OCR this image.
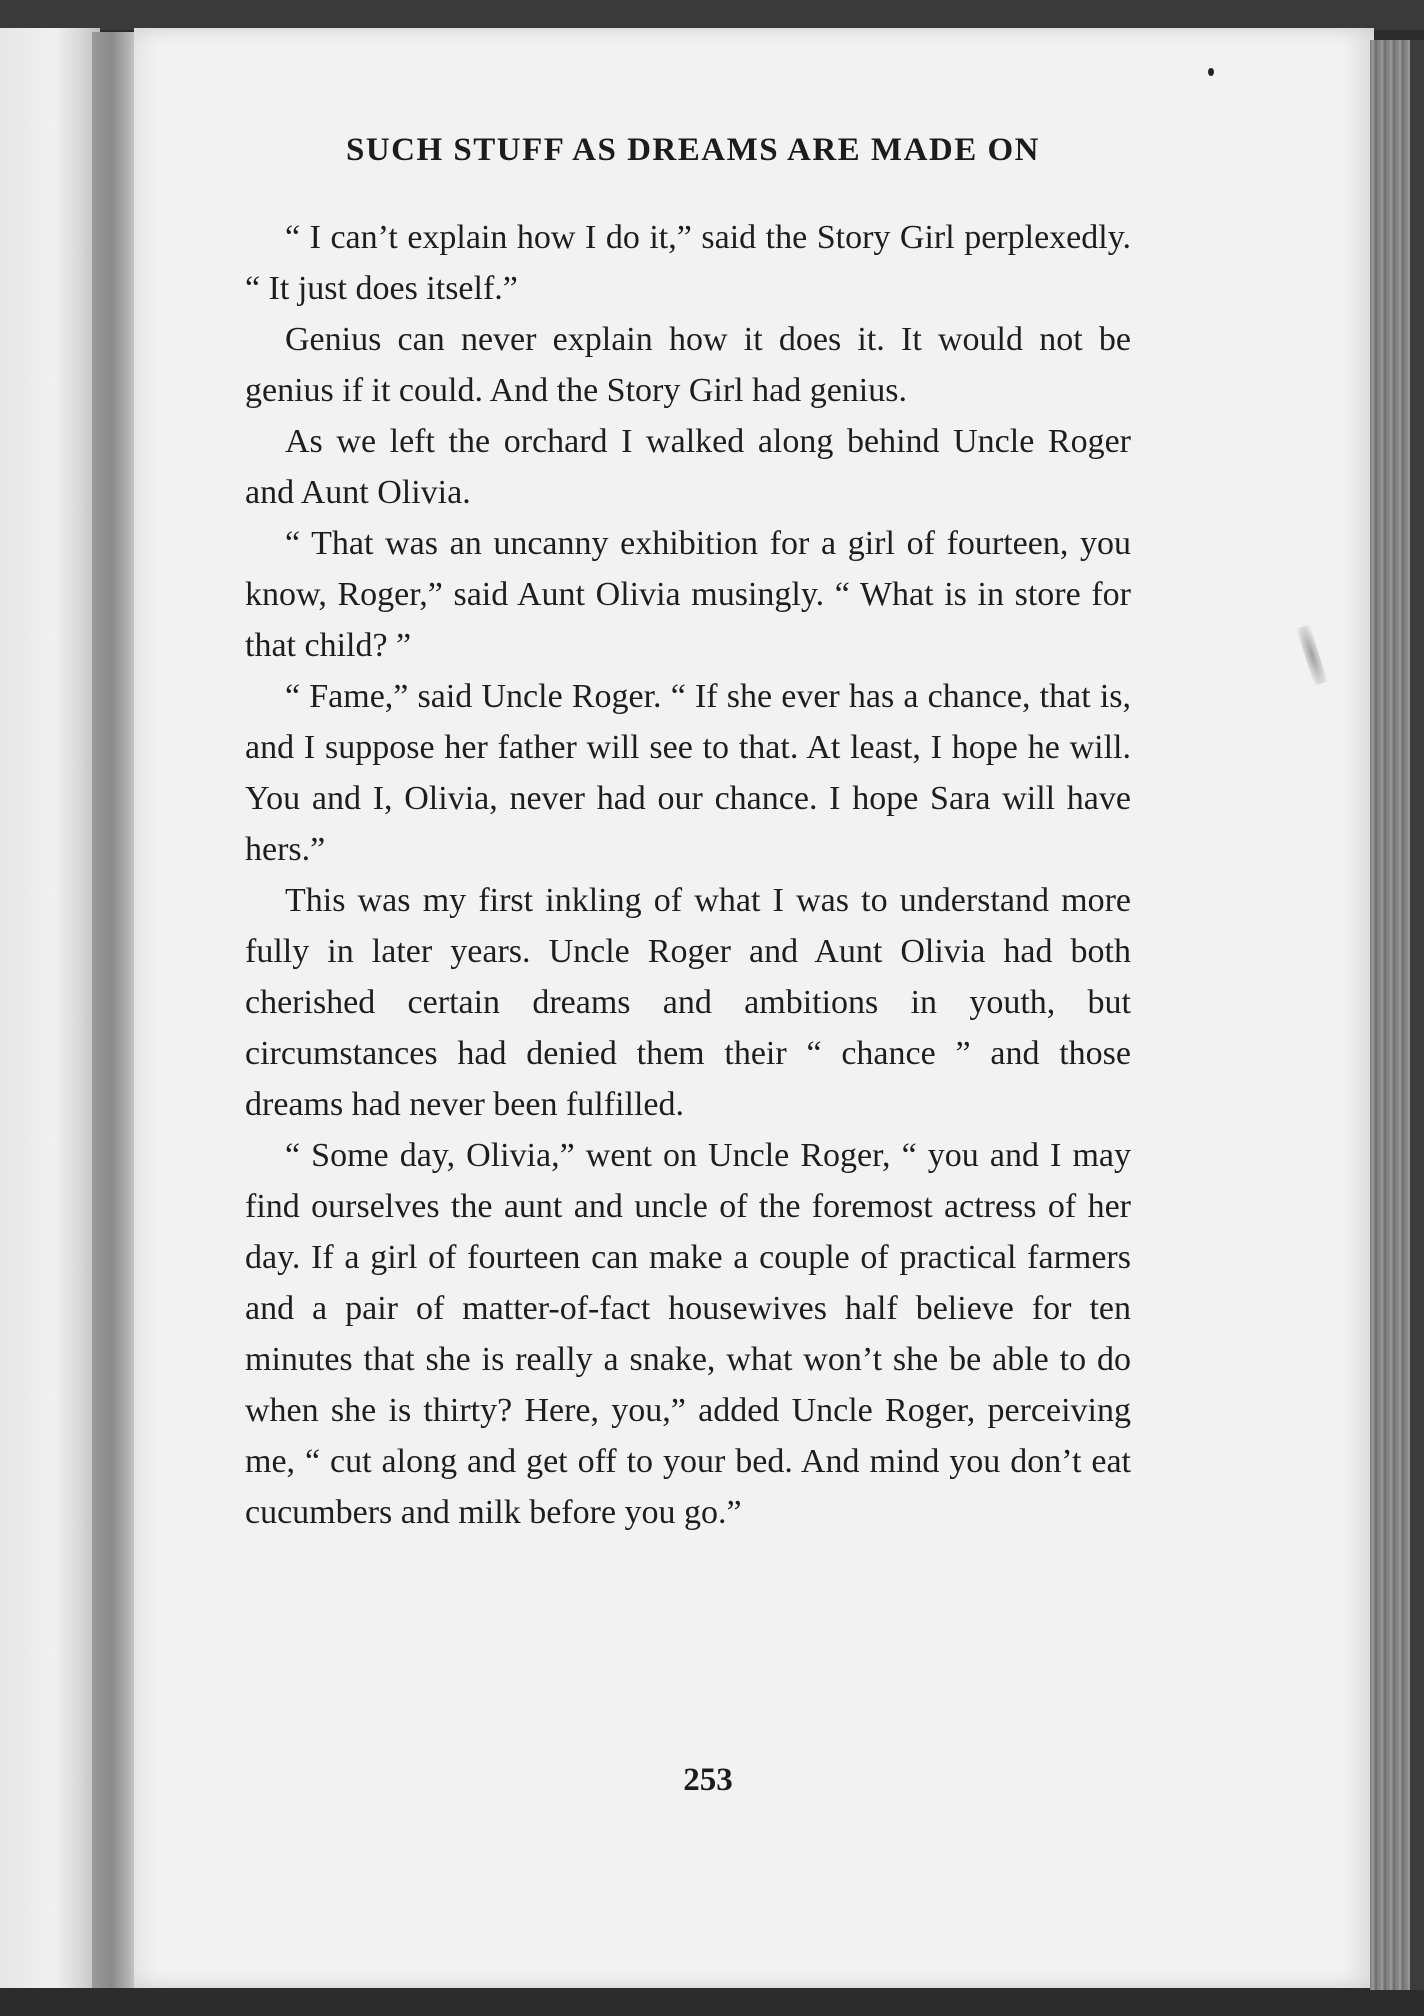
SUCH STUFF AS DREAMS ARE MADE ON

“ I can’t explain how I do it,” said the Story Girl perplexedly. “ It just does itself.”

Genius can never explain how it does it. It would not be genius if it could. And the Story Girl had genius.

As we left the orchard I walked along behind Uncle Roger and Aunt Olivia.

“ That was an uncanny exhibition for a girl of fourteen, you know, Roger,” said Aunt Olivia musingly. “ What is in store for that child? ”

“ Fame,” said Uncle Roger. “ If she ever has a chance, that is, and I suppose her father will see to that. At least, I hope he will. You and I, Olivia, never had our chance. I hope Sara will have hers.”

This was my first inkling of what I was to understand more fully in later years. Uncle Roger and Aunt Olivia had both cherished certain dreams and ambitions in youth, but circumstances had denied them their “ chance ” and those dreams had never been fulfilled.

“ Some day, Olivia,” went on Uncle Roger, “ you and I may find ourselves the aunt and uncle of the foremost actress of her day. If a girl of fourteen can make a couple of practical farmers and a pair of matter-of-fact housewives half believe for ten minutes that she is really a snake, what won’t she be able to do when she is thirty? Here, you,” added Uncle Roger, perceiving me, “ cut along and get off to your bed. And mind you don’t eat cucumbers and milk before you go.”

253
